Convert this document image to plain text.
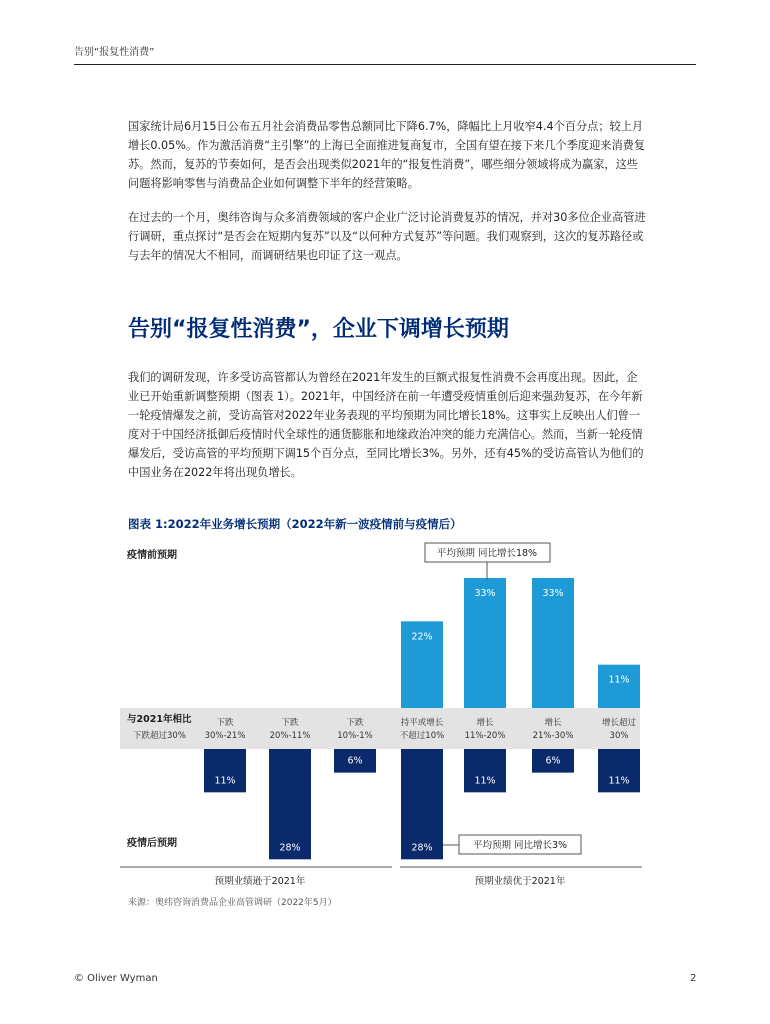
告别“报复性消费”

国家统计局6月15日公布五月社会消费品零售总额同比下降6.7%，降幅比上月收窄4.4个百分点；较上月增长0.05%。作为激活消费“主引擎”的上海已全面推进复商复市，全国有望在接下来几个季度迎来消费复苏。然而，复苏的节奏如何，是否会出现类似2021年的“报复性消费”，哪些细分领域将成为赢家，这些问题将影响零售与消费品企业如何调整下半年的经营策略。

在过去的一个月，奥纬咨询与众多消费领域的客户企业广泛讨论消费复苏的情况，并对30多位企业高管进行调研，重点探讨“是否会在短期内复苏”以及“以何种方式复苏”等问题。我们观察到，这次的复苏路径或与去年的情况大不相同，而调研结果也印证了这一观点。

告别“报复性消费”，企业下调增长预期

我们的调研发现，许多受访高管都认为曾经在2021年发生的巨额式报复性消费不会再度出现。因此，企业已开始重新调整预期（图表 1）。2021年，中国经济在前一年遭受疫情重创后迎来强劲复苏，在今年新一轮疫情爆发之前，受访高管对2022年业务表现的平均预期为同比增长18%。这事实上反映出人们曾一度对于中国经济抵御后疫情时代全球性的通货膨胀和地缘政治冲突的能力充满信心。然而，当新一轮疫情爆发后，受访高管的平均预期下调15个百分点，至同比增长3%。另外，还有45%的受访高管认为他们的中国业务在2022年将出现负增长。

图表 1:2022年业务增长预期（2022年新一波疫情前与疫情后）
疫情前预期
疫情后预期
与2021年相比
下跌超过30%
下跌
30%-21%
下跌
20%-11%
下跌
10%-1%
持平或增长
不超过10%
增长
11%-20%
增长
21%-30%
增长超过
30%
22%
33%	33%
11%
11%
28%
6%
28%
11%
6%
11%
平均预期 同比增长18%
平均预期 同比增长3%
预期业绩逊于2021年	预期业绩优于2021年
来源：奥纬咨询消费品企业高管调研（2022年5月）
© Oliver Wyman	2
